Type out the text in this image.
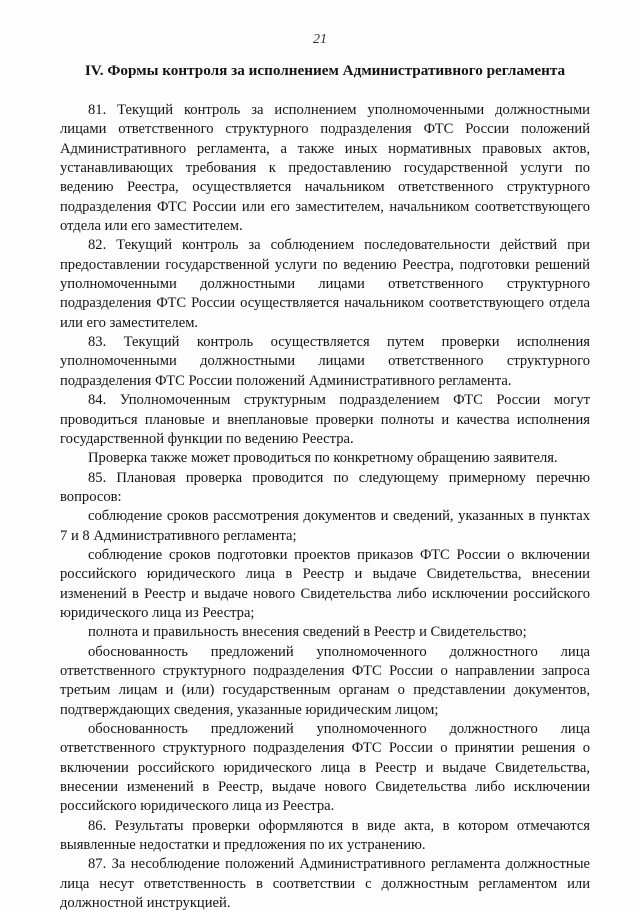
21
IV. Формы контроля за исполнением Административного регламента

81. Текущий контроль за исполнением уполномоченными должностными лицами ответственного структурного подразделения ФТС России положений Административного регламента, а также иных нормативных правовых актов, устанавливающих требования к предоставлению государственной услуги по ведению Реестра, осуществляется начальником ответственного структурного подразделения ФТС России или его заместителем, начальником соответствующего отдела или его заместителем.

82. Текущий контроль за соблюдением последовательности действий при предоставлении государственной услуги по ведению Реестра, подготовки решений уполномоченными должностными лицами ответственного структурного подразделения ФТС России осуществляется начальником соответствующего отдела или его заместителем.

83. Текущий контроль осуществляется путем проверки исполнения уполномоченными должностными лицами ответственного структурного подразделения ФТС России положений Административного регламента.

84. Уполномоченным структурным подразделением ФТС России могут проводиться плановые и внеплановые проверки полноты и качества исполнения государственной функции по ведению Реестра.

Проверка также может проводиться по конкретному обращению заявителя.

85. Плановая проверка проводится по следующему примерному перечню вопросов:

соблюдение сроков рассмотрения документов и сведений, указанных в пунктах 7 и 8 Административного регламента;

соблюдение сроков подготовки проектов приказов ФТС России о включении российского юридического лица в Реестр и выдаче Свидетельства, внесении изменений в Реестр и выдаче нового Свидетельства либо исключении российского юридического лица из Реестра;

полнота и правильность внесения сведений в Реестр и Свидетельство;

обоснованность предложений уполномоченного должностного лица ответственного структурного подразделения ФТС России о направлении запроса третьим лицам и (или) государственным органам о представлении документов, подтверждающих сведения, указанные юридическим лицом;

обоснованность предложений уполномоченного должностного лица ответственного структурного подразделения ФТС России о принятии решения о включении российского юридического лица в Реестр и выдаче Свидетельства, внесении изменений в Реестр, выдаче нового Свидетельства либо исключении российского юридического лица из Реестра.

86. Результаты проверки оформляются в виде акта, в котором отмечаются выявленные недостатки и предложения по их устранению.

87. За несоблюдение положений Административного регламента должностные лица несут ответственность в соответствии с должностным регламентом или должностной инструкцией.
